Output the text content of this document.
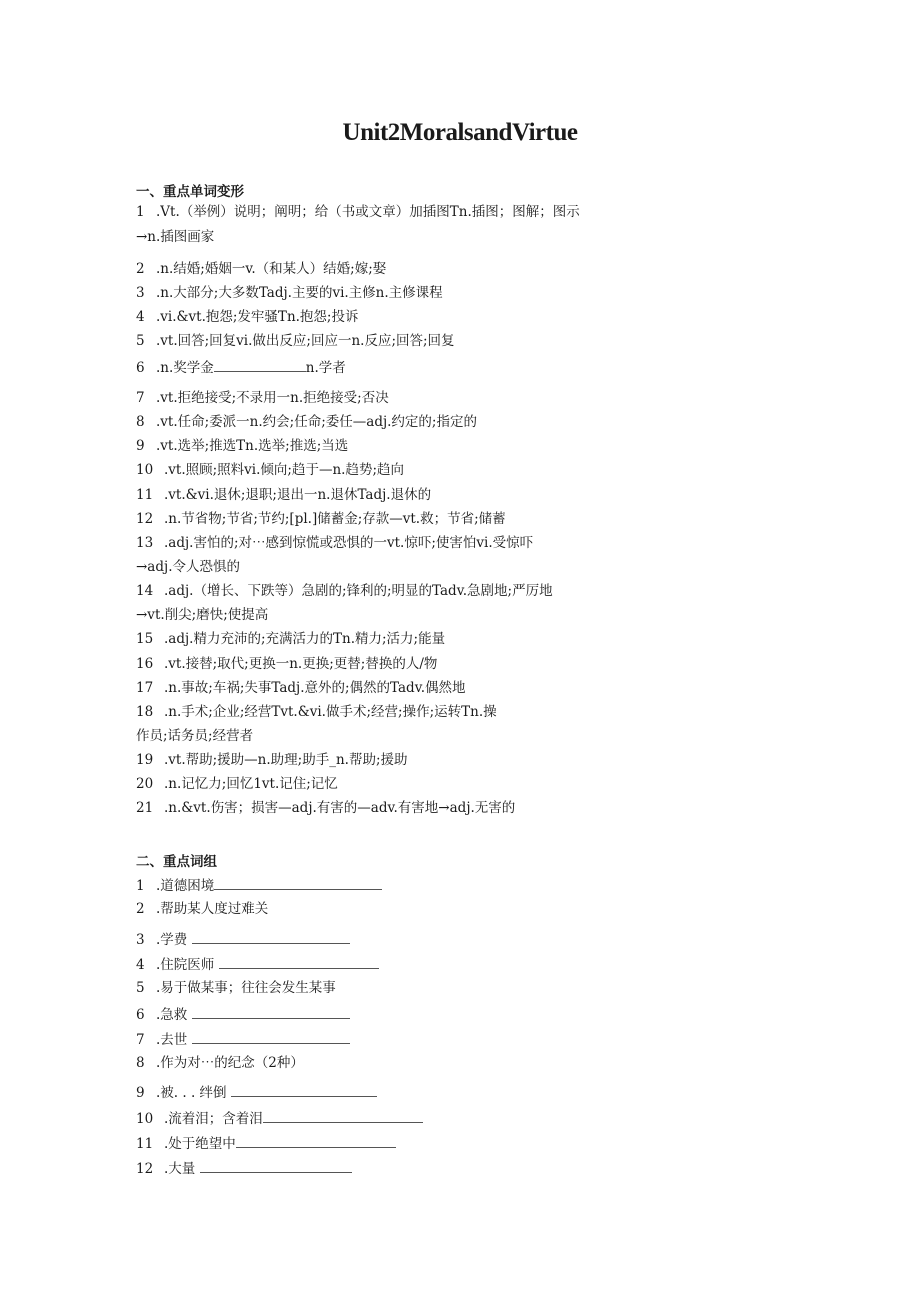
Unit2MoralsandVirtue
一、重点单词变形
1 .Vt.（举例）说明；阐明；给（书或文章）加插图Tn.插图；图解；图示
→n.插图画家
2 .n.结婚;婚姻一v.（和某人）结婚;嫁;娶
3 .n.大部分;大多数Tadj.主要的vi.主修n.主修课程
4 .vi.&vt.抱怨;发牢骚Tn.抱怨;投诉
5 .vt.回答;回复vi.做出反应;回应一n.反应;回答;回复
6 .n.奖学金	n.学者
7 .vt.拒绝接受;不录用一n.拒绝接受;否决
8 .vt.任命;委派一n.约会;任命;委任—adj.约定的;指定的
9 .vt.选举;推选Tn.选举;推选;当选
10 .vt.照顾;照料vi.倾向;趋于—n.趋势;趋向
11 .vt.&vi.退休;退职;退出一n.退休Tadj.退休的
12 .n.节省物;节省;节约;[pl.]储蓄金;存款—vt.救；节省;储蓄
13 .adj.害怕的;对⋯感到惊慌或恐惧的一vt.惊吓;使害怕vi.受惊吓
→adj.令人恐惧的
14 .adj.（增长、下跌等）急剧的;锋利的;明显的Tadv.急剧地;严厉地
→vt.削尖;磨快;使提高
15 .adj.精力充沛的;充满活力的Tn.精力;活力;能量
16 .vt.接替;取代;更换一n.更换;更替;替换的人/物
17 .n.事故;车祸;失事Tadj.意外的;偶然的Tadv.偶然地
18 .n.手术;企业;经营Tvt.&vi.做手术;经营;操作;运转Tn.操
作员;话务员;经营者
19 .vt.帮助;援助—n.助理;助手_n.帮助;援助
20 .n.记忆力;回忆1vt.记住;记忆
21 .n.&vt.伤害；损害—adj.有害的—adv.有害地→adj.无害的
二、重点词组
1 .道德困境
2 .帮助某人度过难关
3 .学费
4 .住院医师
5 .易于做某事；往往会发生某事
6 .急救
7 .去世
8 .作为对⋯的纪念（2种）
9 .被. . . 绊倒
10 .流着泪；含着泪
11 .处于绝望中
12 .大量
